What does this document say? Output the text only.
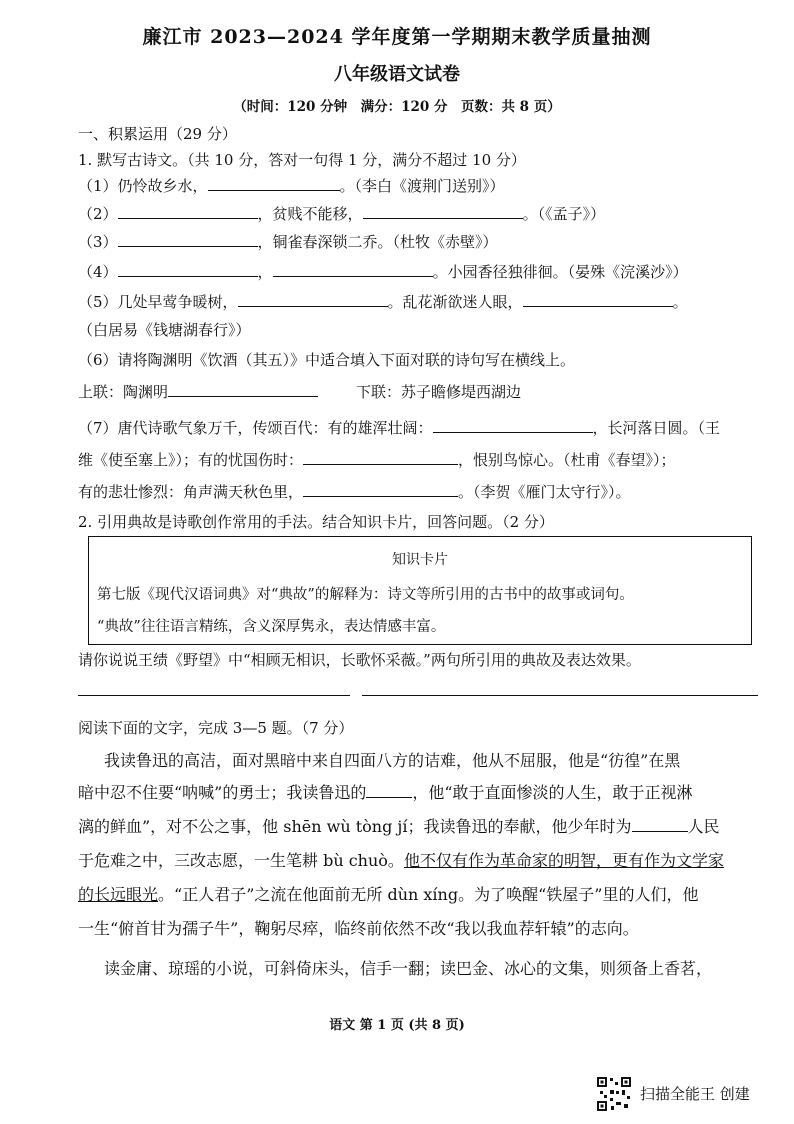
廉江市 2023—2024 学年度第一学期期末教学质量抽测
八年级语文试卷
（时间：120 分钟　满分：120 分　页数：共 8 页）
一、积累运用（29 分）
1. 默写古诗文。（共 10 分，答对一句得 1 分，满分不超过 10 分）
（1）仍怜故乡水，	。（李白《渡荆门送别》）
（2）	，贫贱不能移，	。（《孟子》）
（3）	，铜雀春深锁二乔。（杜牧《赤壁》）
（4）	，	。小园香径独徘徊。（晏殊《浣溪沙》）
（5）几处早莺争暖树，	。乱花渐欲迷人眼，	。
（白居易《钱塘湖春行》）
（6）请将陶渊明《饮酒（其五）》中适合填入下面对联的诗句写在横线上。
上联：陶渊明	下联：苏子瞻修堤西湖边
（7）唐代诗歌气象万千，传颂百代：有的雄浑壮阔：	，长河落日圆。（王
维《使至塞上》）；有的忧国伤时：	，恨别鸟惊心。（杜甫《春望》）；
有的悲壮惨烈：角声满天秋色里，	。（李贺《雁门太守行》）。
2. 引用典故是诗歌创作常用的手法。结合知识卡片，回答问题。（2 分）
知识卡片
第七版《现代汉语词典》对“典故”的解释为：诗文等所引用的古书中的故事或词句。
“典故”往往语言精练，含义深厚隽永，表达情感丰富。
请你说说王绩《野望》中“相顾无相识，长歌怀采薇。”两句所引用的典故及表达效果。
阅读下面的文字，完成 3—5 题。（7 分）
我读鲁迅的高洁，面对黑暗中来自四面八方的诘难，他从不屈服，他是“彷徨”在黑
暗中忍不住要“呐喊”的勇士；我读鲁迅的	，他“敢于直面惨淡的人生，敢于正视淋
漓的鲜血”，对不公之事，他 shēn wù tòng jí；我读鲁迅的奉献，他少年时为	人民
于危难之中，三改志愿，一生笔耕 bù chuò。他不仅有作为革命家的明智，更有作为文学家
的长远眼光。“正人君子”之流在他面前无所 dùn xíng。为了唤醒“铁屋子”里的人们，他
一生“俯首甘为孺子牛”，鞠躬尽瘁，临终前依然不改“我以我血荐轩辕”的志向。
读金庸、琼瑶的小说，可斜倚床头，信手一翻；读巴金、冰心的文集，则须备上香茗，
语文 第 1 页 (共 8 页)
扫描全能王 创建
